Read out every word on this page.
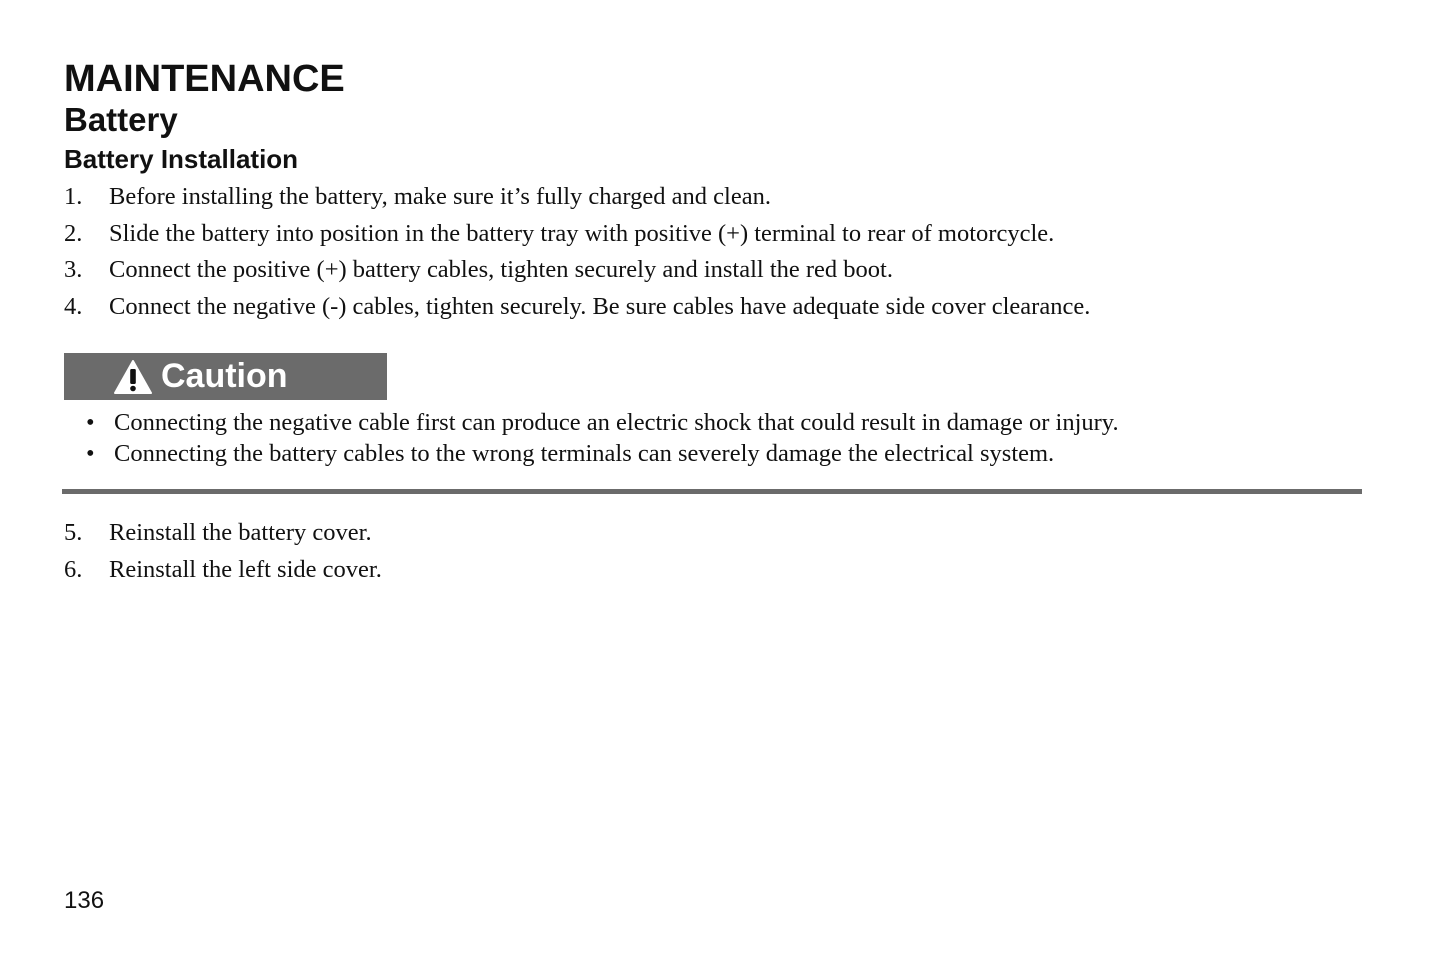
MAINTENANCE
Battery
Battery Installation
1.	Before installing the battery, make sure it’s fully charged and clean.
2.	Slide the battery into position in the battery tray with positive (+) terminal to rear of motorcycle.
3.	Connect the positive (+) battery cables, tighten securely and install the red boot.
4.	Connect the negative (-) cables, tighten securely. Be sure cables have adequate side cover clearance.
Caution
• Connecting the negative cable first can produce an electric shock that could result in damage or injury.
• Connecting the battery cables to the wrong terminals can severely damage the electrical system.
5.	Reinstall the battery cover.
6.	Reinstall the left side cover.
136
